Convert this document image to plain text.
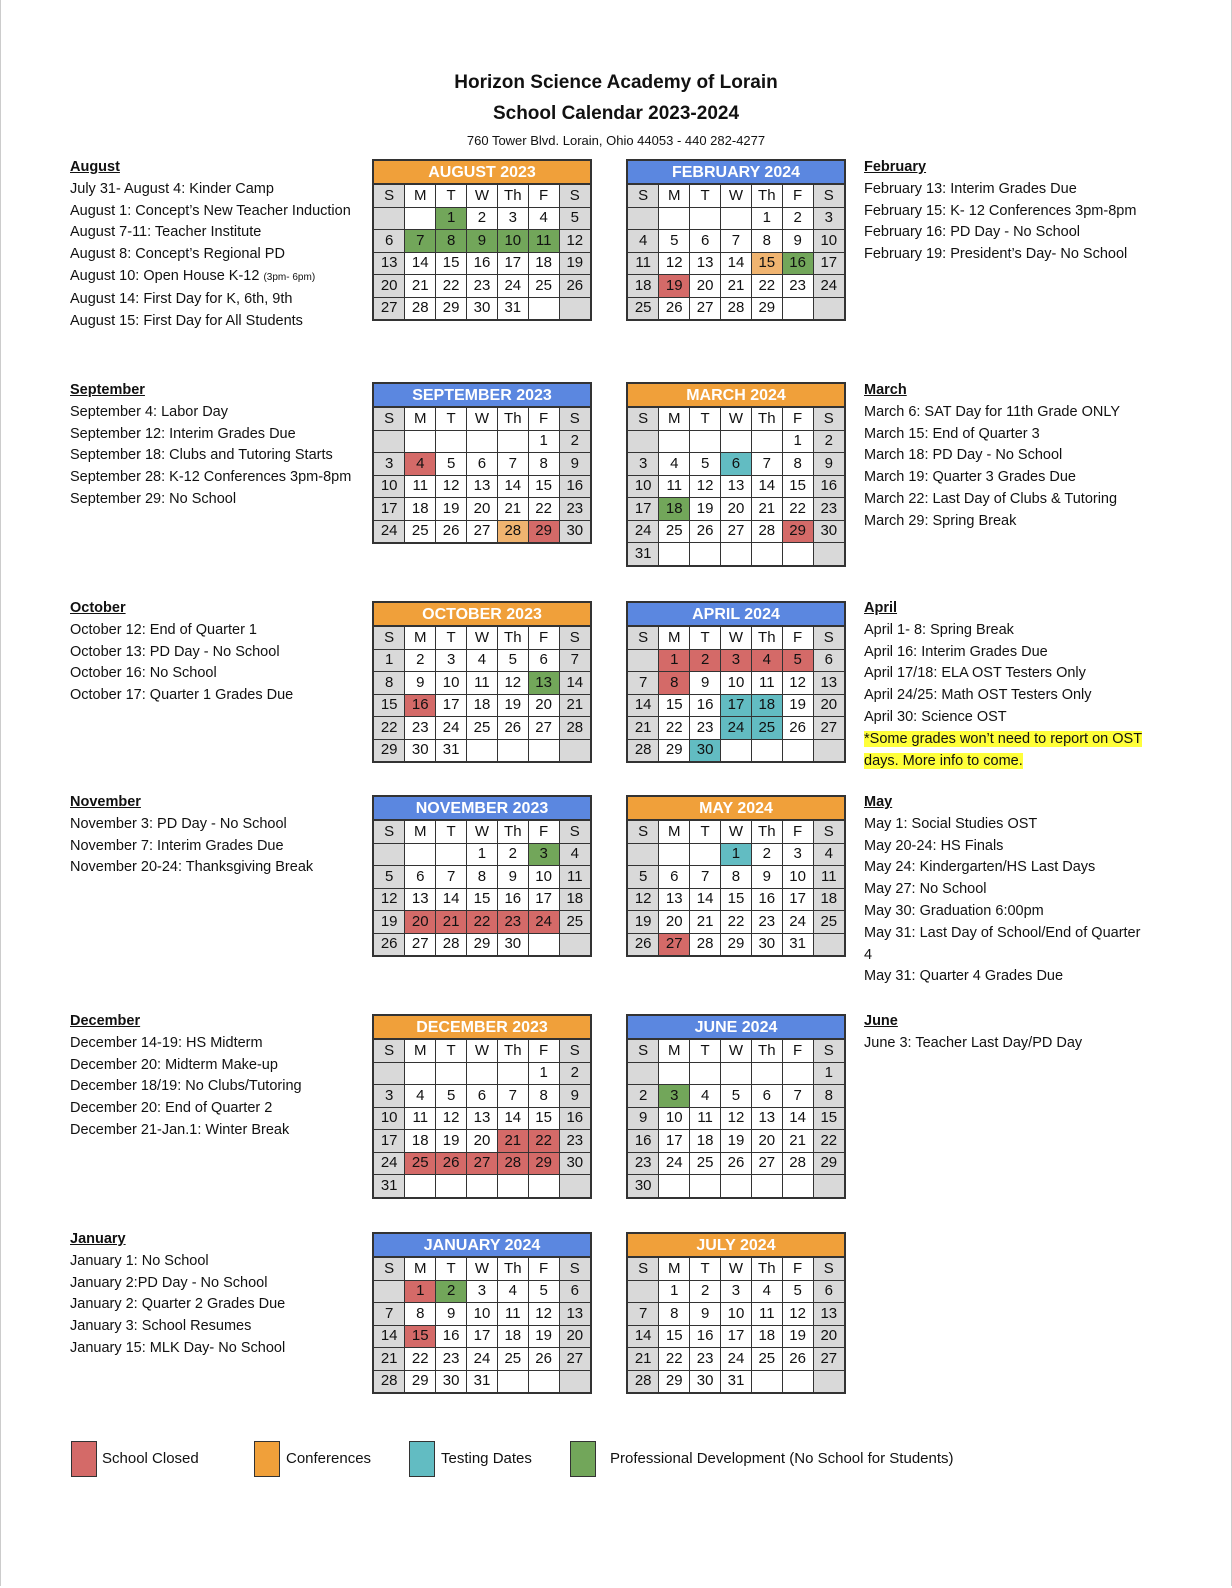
Horizon Science Academy of Lorain
School Calendar 2023-2024
760 Tower Blvd. Lorain, Ohio 44053 - 440 282-4277
August
July 31- August 4: Kinder Camp
August 1: Concept’s New Teacher Induction
August 7-11: Teacher Institute
August 8: Concept’s Regional PD
August 10: Open House K-12 (3pm- 6pm)
August 14: First Day for K, 6th, 9th
August 15: First Day for All Students
September
September 4: Labor Day
September 12: Interim Grades Due
September 18: Clubs and Tutoring Starts
September 28: K-12 Conferences 3pm-8pm
September 29: No School
October
October 12: End of Quarter 1
October 13: PD Day - No School
October 16: No School
October 17: Quarter 1 Grades Due
November
November 3: PD Day - No School
November 7: Interim Grades Due
November 20-24: Thanksgiving Break
December
December 14-19: HS Midterm
December 20: Midterm Make-up
December 18/19: No Clubs/Tutoring
December 20: End of Quarter 2
December 21-Jan.1: Winter Break
January
January 1: No School
January 2:PD Day - No School
January 2: Quarter 2 Grades Due
January 3: School Resumes
January 15: MLK Day- No School
February
February 13: Interim Grades Due
February 15: K- 12 Conferences 3pm-8pm
February 16: PD Day - No School
February 19: President’s Day- No School
March
March 6: SAT Day for 11th Grade ONLY
March 15: End of Quarter 3
March 18: PD Day - No School
March 19: Quarter 3 Grades Due
March 22: Last Day of Clubs & Tutoring
March 29: Spring Break
April
April 1- 8: Spring Break
April 16: Interim Grades Due
April 17/18: ELA OST Testers Only
April 24/25: Math OST Testers Only
April 30: Science OST
*Some grades won’t need to report on OST days. More info to come.
May
May 1: Social Studies OST
May 20-24: HS Finals
May 24: Kindergarten/HS Last Days
May 27: No School
May 30: Graduation 6:00pm
May 31: Last Day of School/End of Quarter 4
May 31: Quarter 4 Grades Due
June
June 3: Teacher Last Day/PD Day
AUGUST 2023
S	M	T	W	Th	F	S
		1	2	3	4	5
6	7	8	9	10	11	12
13	14	15	16	17	18	19
20	21	22	23	24	25	26
27	28	29	30	31		
FEBRUARY 2024
S	M	T	W	Th	F	S
				1	2	3
4	5	6	7	8	9	10
11	12	13	14	15	16	17
18	19	20	21	22	23	24
25	26	27	28	29		
SEPTEMBER 2023
S	M	T	W	Th	F	S
					1	2
3	4	5	6	7	8	9
10	11	12	13	14	15	16
17	18	19	20	21	22	23
24	25	26	27	28	29	30
MARCH 2024
S	M	T	W	Th	F	S
					1	2
3	4	5	6	7	8	9
10	11	12	13	14	15	16
17	18	19	20	21	22	23
24	25	26	27	28	29	30
31						
OCTOBER 2023
S	M	T	W	Th	F	S
1	2	3	4	5	6	7
8	9	10	11	12	13	14
15	16	17	18	19	20	21
22	23	24	25	26	27	28
29	30	31				
APRIL 2024
S	M	T	W	Th	F	S
	1	2	3	4	5	6
7	8	9	10	11	12	13
14	15	16	17	18	19	20
21	22	23	24	25	26	27
28	29	30				
NOVEMBER 2023
S	M	T	W	Th	F	S
			1	2	3	4
5	6	7	8	9	10	11
12	13	14	15	16	17	18
19	20	21	22	23	24	25
26	27	28	29	30		
MAY 2024
S	M	T	W	Th	F	S
			1	2	3	4
5	6	7	8	9	10	11
12	13	14	15	16	17	18
19	20	21	22	23	24	25
26	27	28	29	30	31	
DECEMBER 2023
S	M	T	W	Th	F	S
					1	2
3	4	5	6	7	8	9
10	11	12	13	14	15	16
17	18	19	20	21	22	23
24	25	26	27	28	29	30
31						
JUNE 2024
S	M	T	W	Th	F	S
						1
2	3	4	5	6	7	8
9	10	11	12	13	14	15
16	17	18	19	20	21	22
23	24	25	26	27	28	29
30						
JANUARY 2024
S	M	T	W	Th	F	S
	1	2	3	4	5	6
7	8	9	10	11	12	13
14	15	16	17	18	19	20
21	22	23	24	25	26	27
28	29	30	31			
JULY 2024
S	M	T	W	Th	F	S
	1	2	3	4	5	6
7	8	9	10	11	12	13
14	15	16	17	18	19	20
21	22	23	24	25	26	27
28	29	30	31			
School Closed	Conferences	Testing Dates	Professional Development (No School for Students)
